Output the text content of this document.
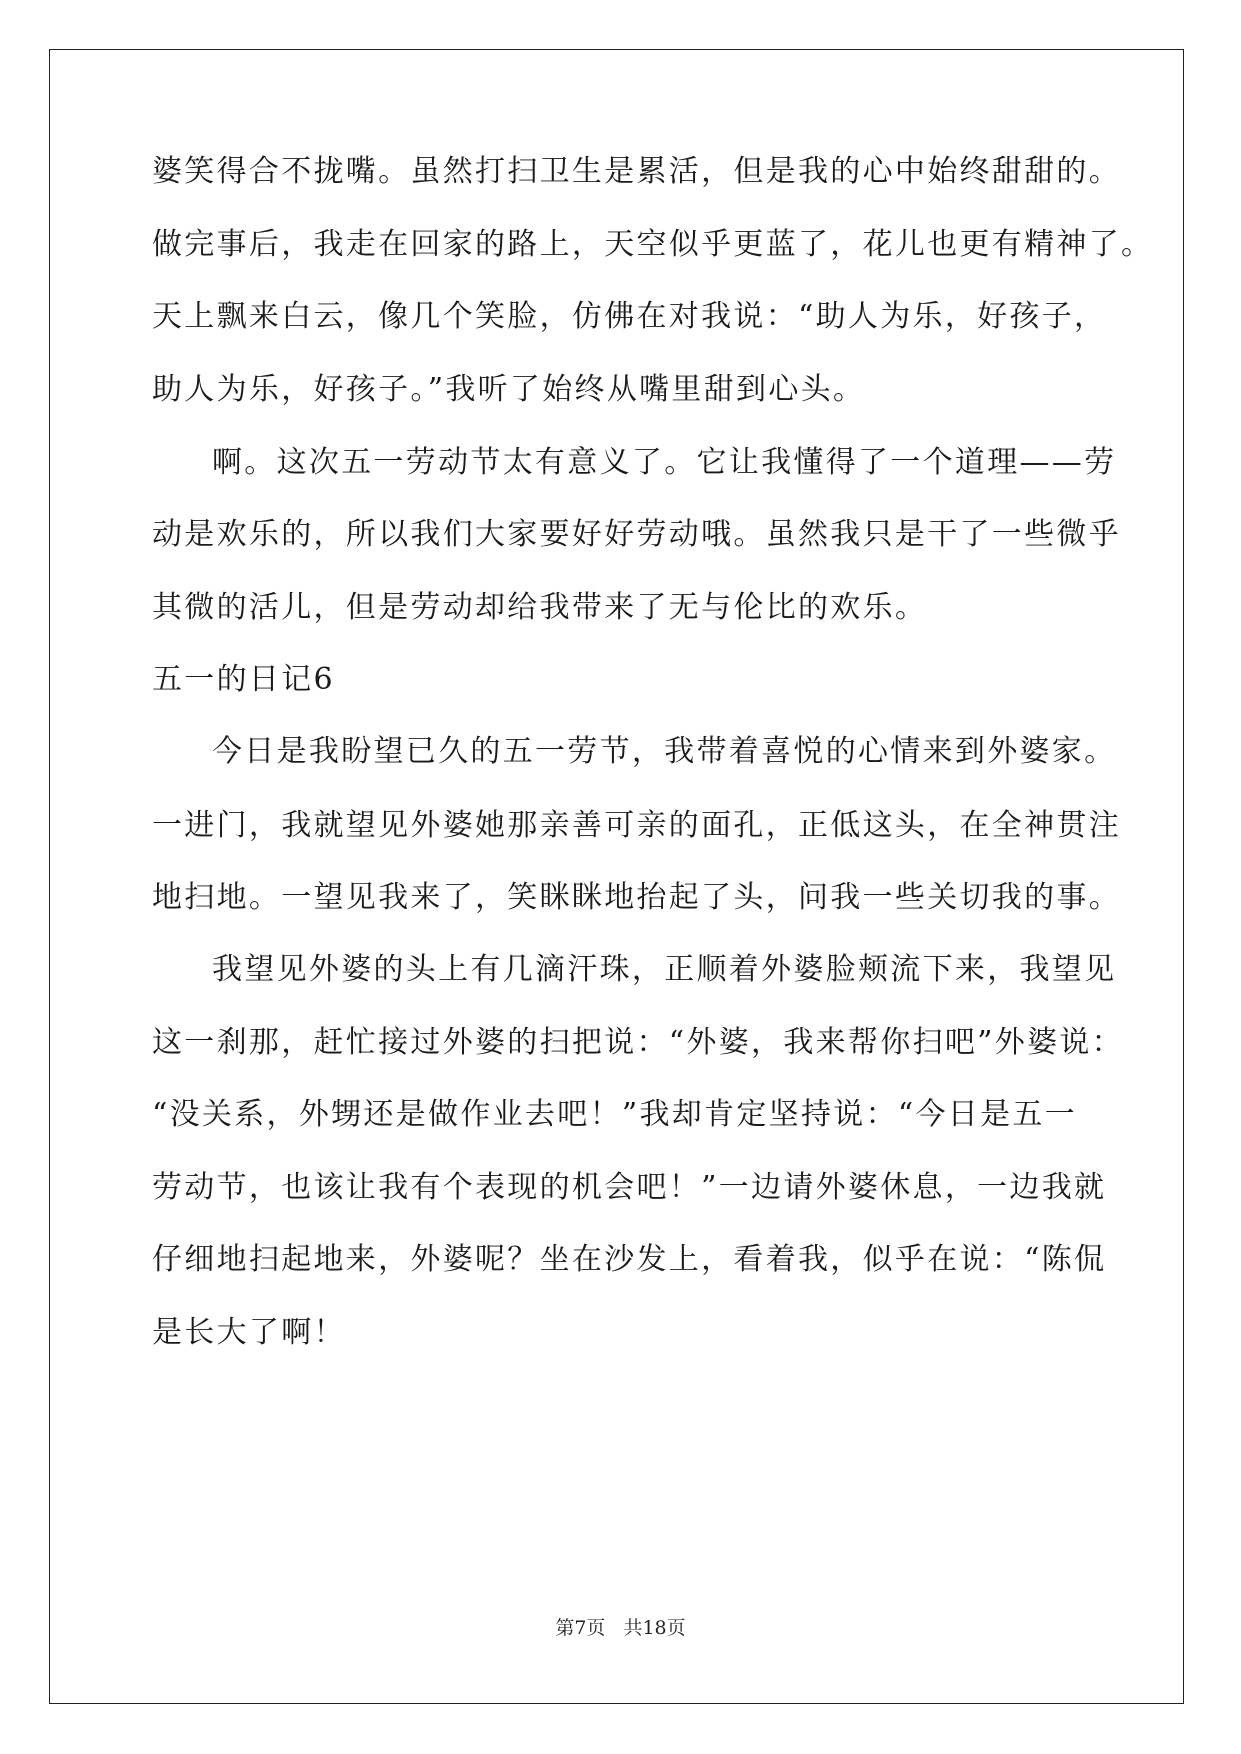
婆笑得合不拢嘴。虽然打扫卫生是累活，但是我的心中始终甜甜的。
做完事后，我走在回家的路上，天空似乎更蓝了，花儿也更有精神了。
天上飘来白云，像几个笑脸，仿佛在对我说：“助人为乐，好孩子，
助人为乐，好孩子。”我听了始终从嘴里甜到心头。
啊。这次五一劳动节太有意义了。它让我懂得了一个道理——劳
动是欢乐的，所以我们大家要好好劳动哦。虽然我只是干了一些微乎
其微的活儿，但是劳动却给我带来了无与伦比的欢乐。
五一的日记6
今日是我盼望已久的五一劳节，我带着喜悦的心情来到外婆家。
一进门，我就望见外婆她那亲善可亲的面孔，正低这头，在全神贯注
地扫地。一望见我来了，笑眯眯地抬起了头，问我一些关切我的事。
我望见外婆的头上有几滴汗珠，正顺着外婆脸颊流下来，我望见
这一刹那，赶忙接过外婆的扫把说：“外婆，我来帮你扫吧”外婆说：
“没关系，外甥还是做作业去吧！”我却肯定坚持说：“今日是五一
劳动节，也该让我有个表现的机会吧！”一边请外婆休息，一边我就
仔细地扫起地来，外婆呢？坐在沙发上，看着我，似乎在说：“陈侃
是长大了啊！
第7页 共18页
